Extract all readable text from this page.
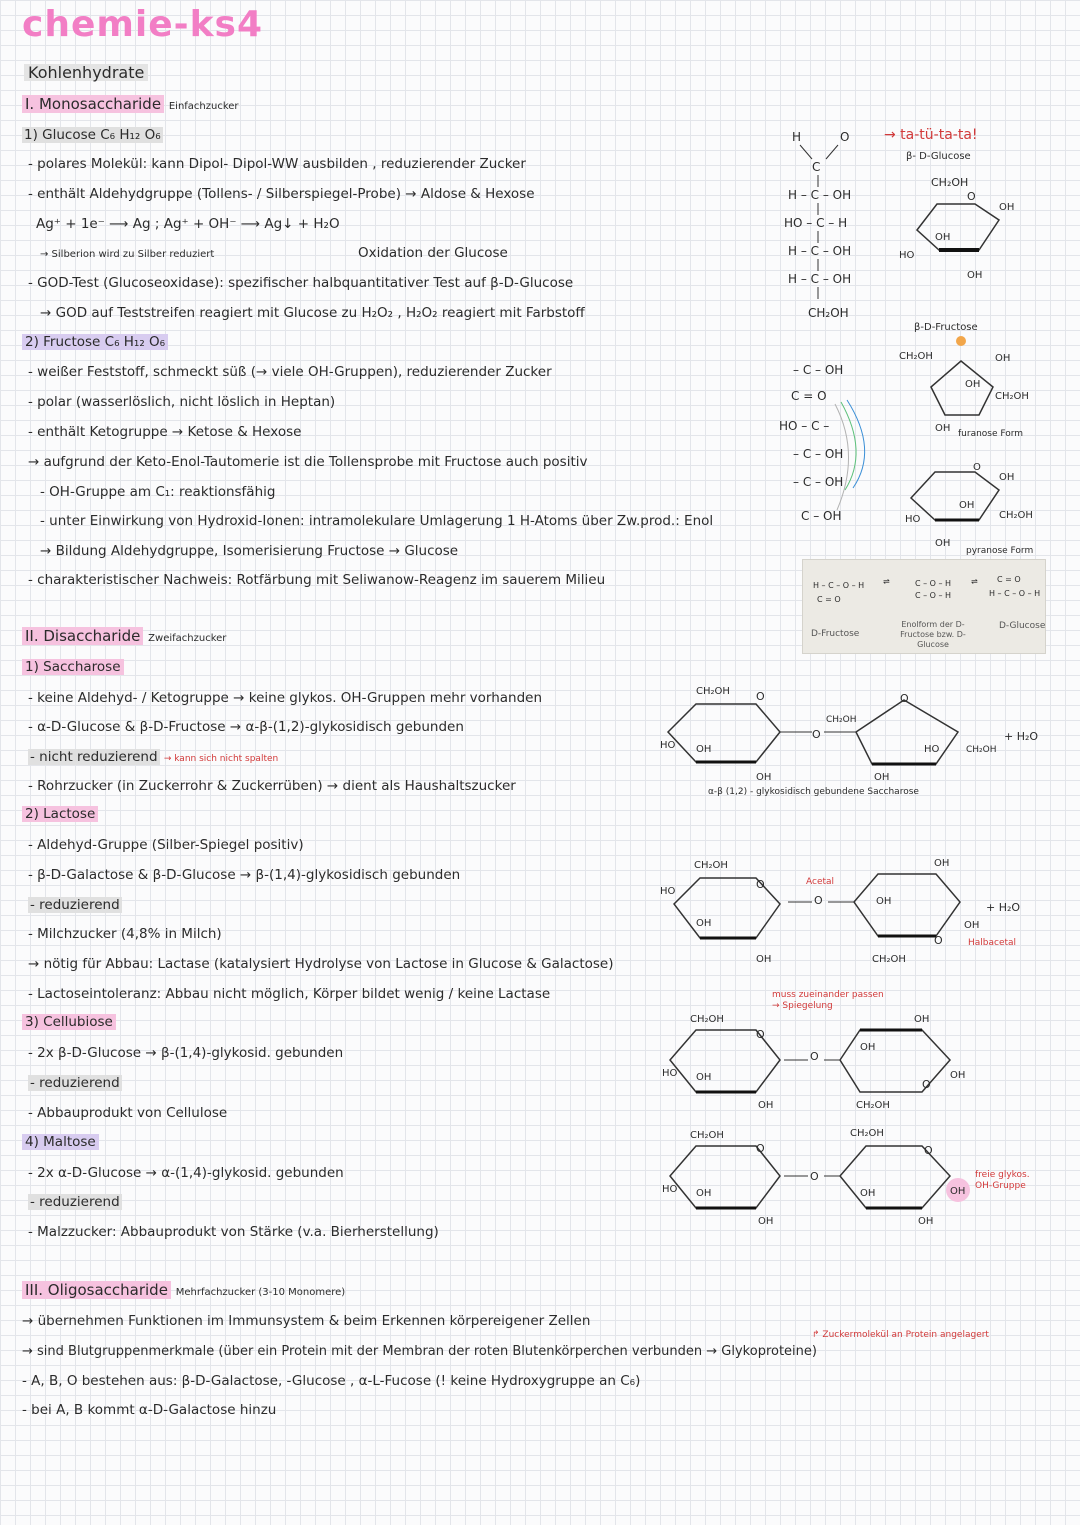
chemie-ks4
Kohlenhydrate
I. Monosaccharide Einfachzucker
1) Glucose C₆ H₁₂ O₆
- polares Molekül: kann Dipol- Dipol-WW ausbilden , reduzierender Zucker
- enthält Aldehydgruppe (Tollens- / Silberspiegel-Probe) → Aldose & Hexose
Ag⁺ + 1e⁻ ⟶ Ag ; Ag⁺ + OH⁻ ⟶ Ag↓ + H₂O
→ Silberion wird zu Silber reduziert	Oxidation der Glucose
- GOD-Test (Glucoseoxidase): spezifischer halbquantitativer Test auf β-D-Glucose
→ GOD auf Teststreifen reagiert mit Glucose zu H₂O₂ , H₂O₂ reagiert mit Farbstoff
2) Fructose C₆ H₁₂ O₆
- weißer Feststoff, schmeckt süß (→ viele OH-Gruppen), reduzierender Zucker
- polar (wasserlöslich, nicht löslich in Heptan)
- enthält Ketogruppe → Ketose & Hexose
→ aufgrund der Keto-Enol-Tautomerie ist die Tollensprobe mit Fructose auch positiv
- OH-Gruppe am C₁: reaktionsfähig
- unter Einwirkung von Hydroxid-Ionen: intramolekulare Umlagerung 1 H-Atoms über Zw.prod.: Enol
→ Bildung Aldehydgruppe, Isomerisierung Fructose → Glucose
- charakteristischer Nachweis: Rotfärbung mit Seliwanow-Reagenz im sauerem Milieu
H	O
C
H – C – OH
HO – C – H
H – C – OH
H – C – OH
CH₂OH
→ ta-tü-ta-ta!
β- D-Glucose
CH₂OH
O
OH
HO
OH
OH
β-D-Fructose
– C – OH
C = O
HO – C –
– C – OH
– C – OH
C – OH
CH₂OH	OH
CH₂OH
OH
OH furanose Form
O
OH
CH₂OH
HO
OH
OH
pyranose Form
H – C – O – H
C = O
⇌	C – O – H
C – O – H
⇌ C = O
H – C – O – H
D-Fructose
Enolform der D-Fructose bzw. D-Glucose
D-Glucose
II. Disaccharide Zweifachzucker
1) Saccharose
- keine Aldehyd- / Ketogruppe → keine glykos. OH-Gruppen mehr vorhanden
- α-D-Glucose & β-D-Fructose → α-β-(1,2)-glykosidisch gebunden
- nicht reduzierend → kann sich nicht spalten
- Rohrzucker (in Zuckerrohr & Zuckerrüben) → dient als Haushaltszucker
CH₂OH O
HO OH
OH
O
CH₂OH
O
HO	CH₂OH
OH
+ H₂O
α-β (1,2) - glykosidisch gebundene Saccharose
2) Lactose
- Aldehyd-Gruppe (Silber-Spiegel positiv)
- β-D-Galactose & β-D-Glucose → β-(1,4)-glykosidisch gebunden
- reduzierend
- Milchzucker (4,8% in Milch)
→ nötig für Abbau: Lactase (katalysiert Hydrolyse von Lactose in Glucose & Galactose)
- Lactoseintoleranz: Abbau nicht möglich, Körper bildet wenig / keine Lactase
CH₂OH
O
HO
OH
OH
O
OH
OH
O
OH
CH₂OH
Acetal
Halbacetal
+ H₂O
3) Cellubiose
- 2x β-D-Glucose → β-(1,4)-glykosid. gebunden
- reduzierend
- Abbauprodukt von Cellulose
muss zueinander passen → Spiegelung
CH₂OH
O
HO OH
OH
O
OH
OH
O
OH
CH₂OH
4) Maltose
- 2x α-D-Glucose → α-(1,4)-glykosid. gebunden
- reduzierend
- Malzzucker: Abbauprodukt von Stärke (v.a. Bierherstellung)
CH₂OH
O
HO OH
OH
O
CH₂OH
O
OH	OH
OH
freie glykos. OH-Gruppe
III. Oligosaccharide Mehrfachzucker (3-10 Monomere)
→ übernehmen Funktionen im Immunsystem & beim Erkennen körpereigener Zellen
↱ Zuckermolekül an Protein angelagert
→ sind Blutgruppenmerkmale (über ein Protein mit der Membran der roten Blutenkörperchen verbunden → Glykoproteine)
- A, B, O bestehen aus: β-D-Galactose, -Glucose , α-L-Fucose (! keine Hydroxygruppe an C₆)
- bei A, B kommt α-D-Galactose hinzu
